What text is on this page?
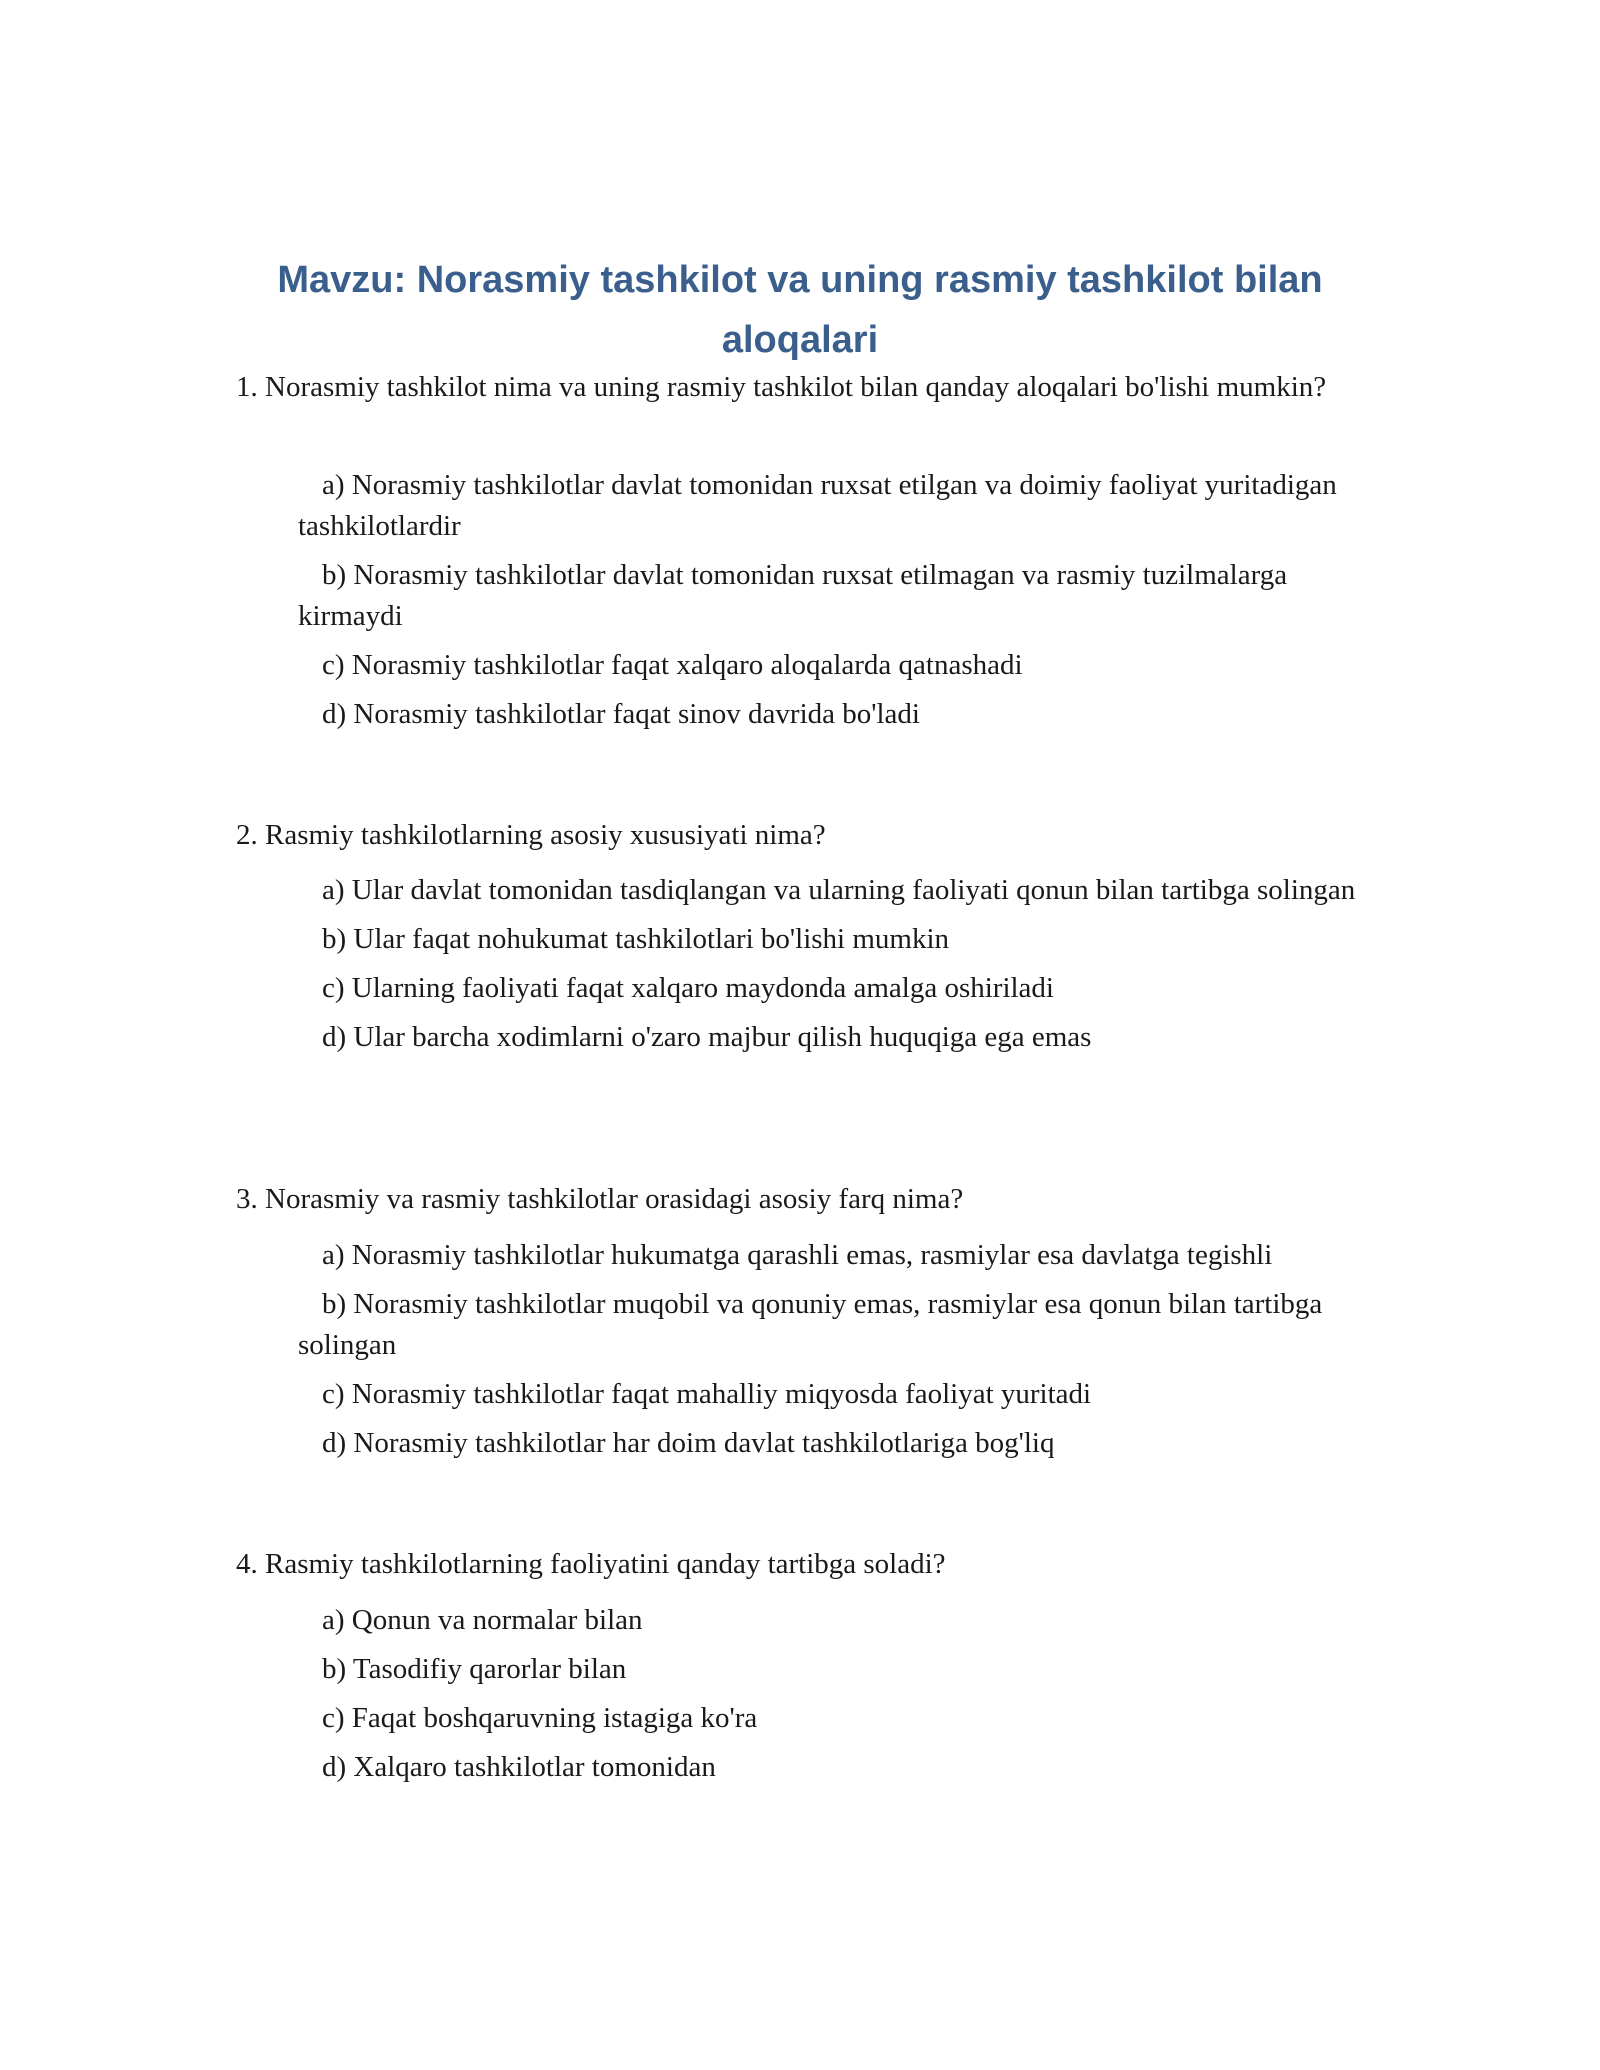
Mavzu: Norasmiy tashkilot va uning rasmiy tashkilot bilan aloqalari

1. Norasmiy tashkilot nima va uning rasmiy tashkilot bilan qanday aloqalari bo'lishi mumkin?

a) Norasmiy tashkilotlar davlat tomonidan ruxsat etilgan va doimiy faoliyat yuritadigan tashkilotlardir
b) Norasmiy tashkilotlar davlat tomonidan ruxsat etilmagan va rasmiy tuzilmalarga kirmaydi
c) Norasmiy tashkilotlar faqat xalqaro aloqalarda qatnashadi
d) Norasmiy tashkilotlar faqat sinov davrida bo'ladi

2. Rasmiy tashkilotlarning asosiy xususiyati nima?

a) Ular davlat tomonidan tasdiqlangan va ularning faoliyati qonun bilan tartibga solingan
b) Ular faqat nohukumat tashkilotlari bo'lishi mumkin
c) Ularning faoliyati faqat xalqaro maydonda amalga oshiriladi
d) Ular barcha xodimlarni o'zaro majbur qilish huquqiga ega emas

3. Norasmiy va rasmiy tashkilotlar orasidagi asosiy farq nima?

a) Norasmiy tashkilotlar hukumatga qarashli emas, rasmiylar esa davlatga tegishli
b) Norasmiy tashkilotlar muqobil va qonuniy emas, rasmiylar esa qonun bilan tartibga solingan
c) Norasmiy tashkilotlar faqat mahalliy miqyosda faoliyat yuritadi
d) Norasmiy tashkilotlar har doim davlat tashkilotlariga bog'liq

4. Rasmiy tashkilotlarning faoliyatini qanday tartibga soladi?

a) Qonun va normalar bilan
b) Tasodifiy qarorlar bilan
c) Faqat boshqaruvning istagiga ko'ra
d) Xalqaro tashkilotlar tomonidan
